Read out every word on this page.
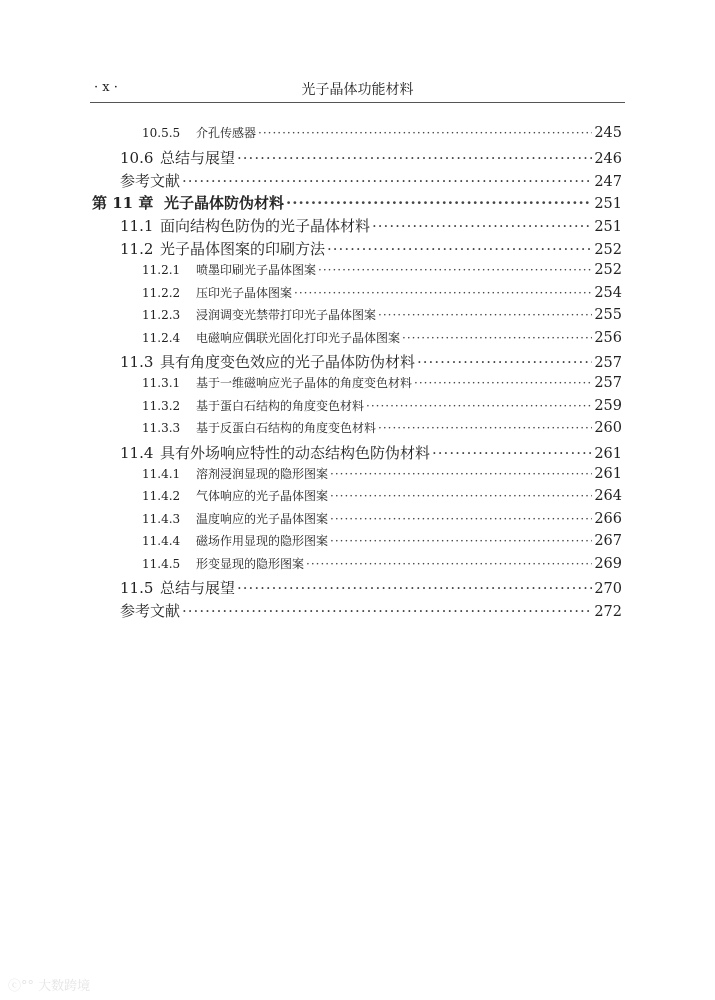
· x ·	光子晶体功能材料
10.5.5	介孔传感器 ·····	245
10.6 总结与展望 ·····	246
参考文献 ·····	247
第 11 章 光子晶体防伪材料 ·····	251
11.1 面向结构色防伪的光子晶体材料 ·····	251
11.2 光子晶体图案的印刷方法 ·····	252
11.2.1	喷墨印刷光子晶体图案 ·····	252
11.2.2	压印光子晶体图案 ·····	254
11.2.3	浸润调变光禁带打印光子晶体图案 ·····	255
11.2.4	电磁响应偶联光固化打印光子晶体图案 ·····	256
11.3 具有角度变色效应的光子晶体防伪材料 ·····	257
11.3.1	基于一维磁响应光子晶体的角度变色材料 ·····	257
11.3.2	基于蛋白石结构的角度变色材料 ·····	259
11.3.3	基于反蛋白石结构的角度变色材料 ·····	260
11.4 具有外场响应特性的动态结构色防伪材料 ·····	261
11.4.1	溶剂浸润显现的隐形图案 ·····	261
11.4.2	气体响应的光子晶体图案 ·····	264
11.4.3	温度响应的光子晶体图案 ·····	266
11.4.4	磁场作用显现的隐形图案 ·····	267
11.4.5	形变显现的隐形图案 ·····	269
11.5 总结与展望 ·····	270
参考文献 ·····	272
ⓒ°° 大数跨境
